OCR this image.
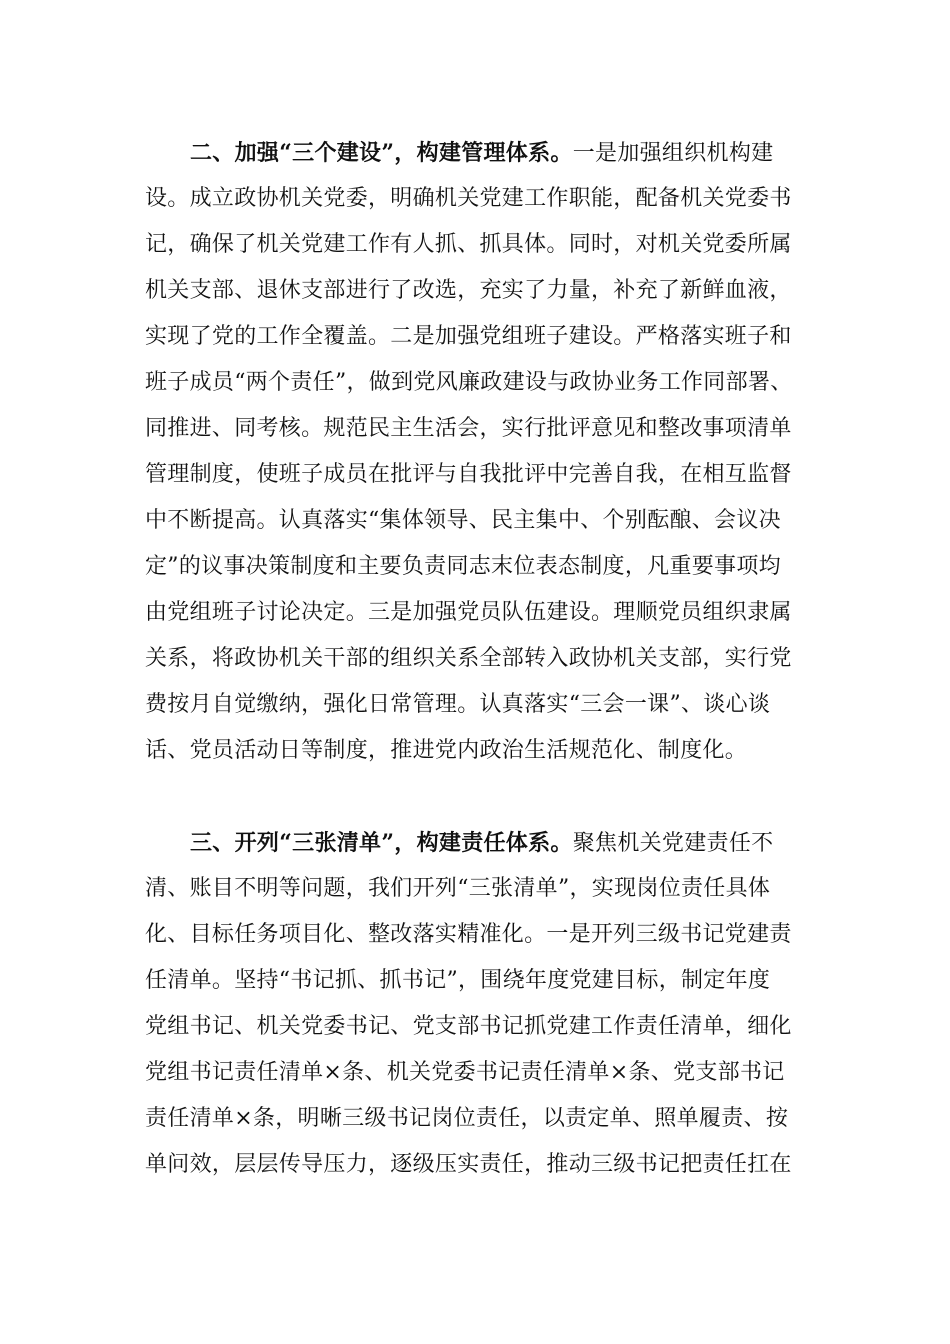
二、加强“三个建设”，构建管理体系。一是加强组织机构建
设。成立政协机关党委，明确机关党建工作职能，配备机关党委书
记，确保了机关党建工作有人抓、抓具体。同时，对机关党委所属
机关支部、退休支部进行了改选，充实了力量，补充了新鲜血液，
实现了党的工作全覆盖。二是加强党组班子建设。严格落实班子和
班子成员“两个责任”，做到党风廉政建设与政协业务工作同部署、
同推进、同考核。规范民主生活会，实行批评意见和整改事项清单
管理制度，使班子成员在批评与自我批评中完善自我，在相互监督
中不断提高。认真落实“集体领导、民主集中、个别酝酿、会议决
定”的议事决策制度和主要负责同志末位表态制度，凡重要事项均
由党组班子讨论决定。三是加强党员队伍建设。理顺党员组织隶属
关系，将政协机关干部的组织关系全部转入政协机关支部，实行党
费按月自觉缴纳，强化日常管理。认真落实“三会一课”、谈心谈
话、党员活动日等制度，推进党内政治生活规范化、制度化。
三、开列“三张清单”，构建责任体系。聚焦机关党建责任不
清、账目不明等问题，我们开列“三张清单”，实现岗位责任具体
化、目标任务项目化、整改落实精准化。一是开列三级书记党建责
任清单。坚持“书记抓、抓书记”，围绕年度党建目标，制定年度
党组书记、机关党委书记、党支部书记抓党建工作责任清单，细化
党组书记责任清单×条、机关党委书记责任清单×条、党支部书记
责任清单×条，明晰三级书记岗位责任，以责定单、照单履责、按
单问效，层层传导压力，逐级压实责任，推动三级书记把责任扛在
